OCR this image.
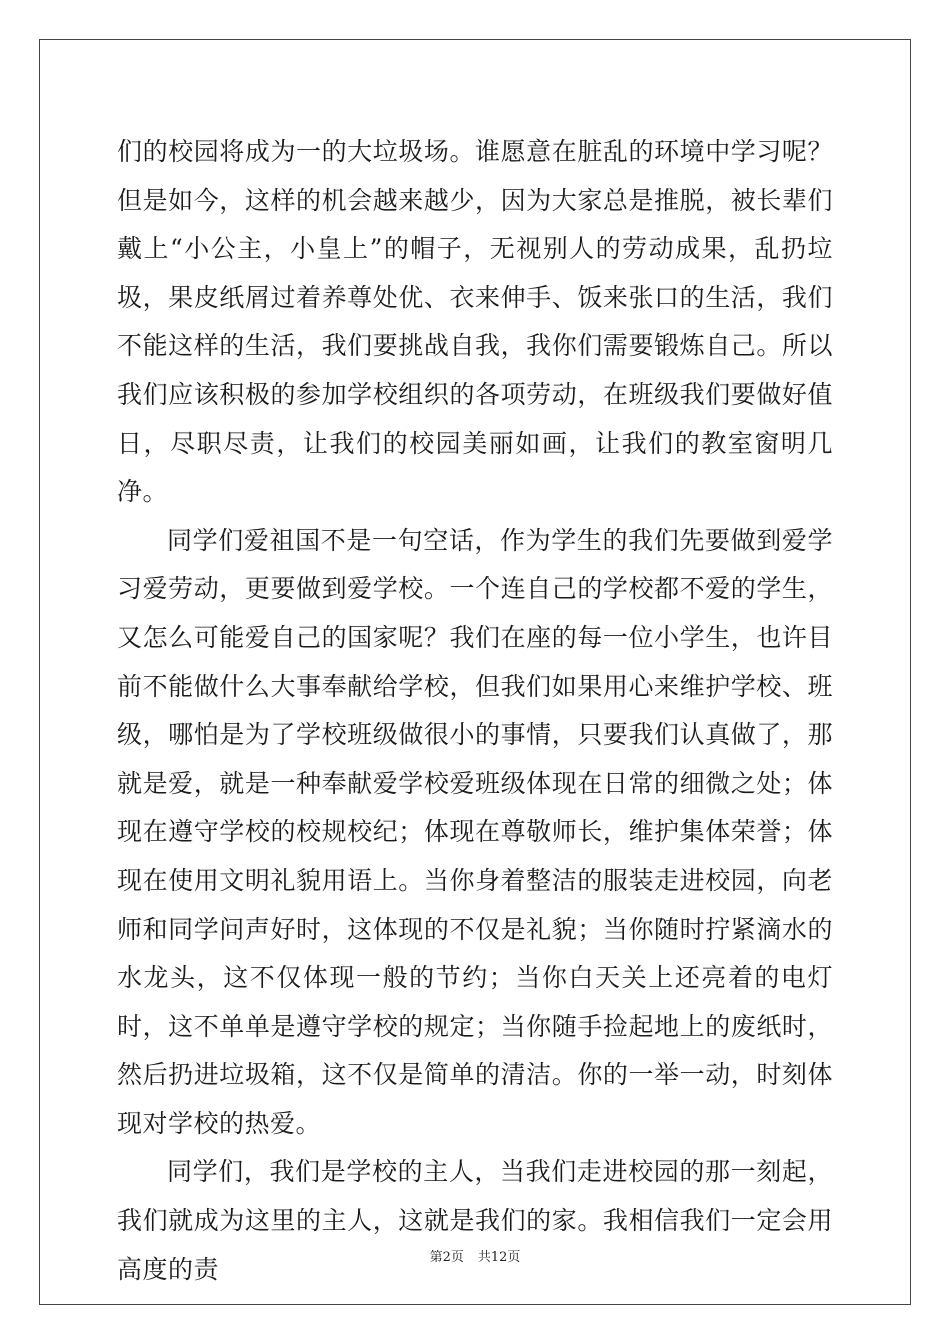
们的校园将成为一的大垃圾场。谁愿意在脏乱的环境中学习呢？但是如今，这样的机会越来越少，因为大家总是推脱，被长辈们戴上“小公主，小皇上”的帽子，无视别人的劳动成果，乱扔垃圾，果皮纸屑过着养尊处优、衣来伸手、饭来张口的生活，我们不能这样的生活，我们要挑战自我，我你们需要锻炼自己。所以我们应该积极的参加学校组织的各项劳动，在班级我们要做好值日，尽职尽责，让我们的校园美丽如画，让我们的教室窗明几净。

同学们爱祖国不是一句空话，作为学生的我们先要做到爱学习爱劳动，更要做到爱学校。一个连自己的学校都不爱的学生，又怎么可能爱自己的国家呢？我们在座的每一位小学生，也许目前不能做什么大事奉献给学校，但我们如果用心来维护学校、班级，哪怕是为了学校班级做很小的事情，只要我们认真做了，那就是爱，就是一种奉献爱学校爱班级体现在日常的细微之处；体现在遵守学校的校规校纪；体现在尊敬师长，维护集体荣誉；体现在使用文明礼貌用语上。当你身着整洁的服装走进校园，向老师和同学问声好时，这体现的不仅是礼貌；当你随时拧紧滴水的水龙头，这不仅体现一般的节约；当你白天关上还亮着的电灯时，这不单单是遵守学校的规定；当你随手捡起地上的废纸时，然后扔进垃圾箱，这不仅是简单的清洁。你的一举一动，时刻体现对学校的热爱。

同学们，我们是学校的主人，当我们走进校园的那一刻起，我们就成为这里的主人，这就是我们的家。我相信我们一定会用高度的责	第2页 共12页
